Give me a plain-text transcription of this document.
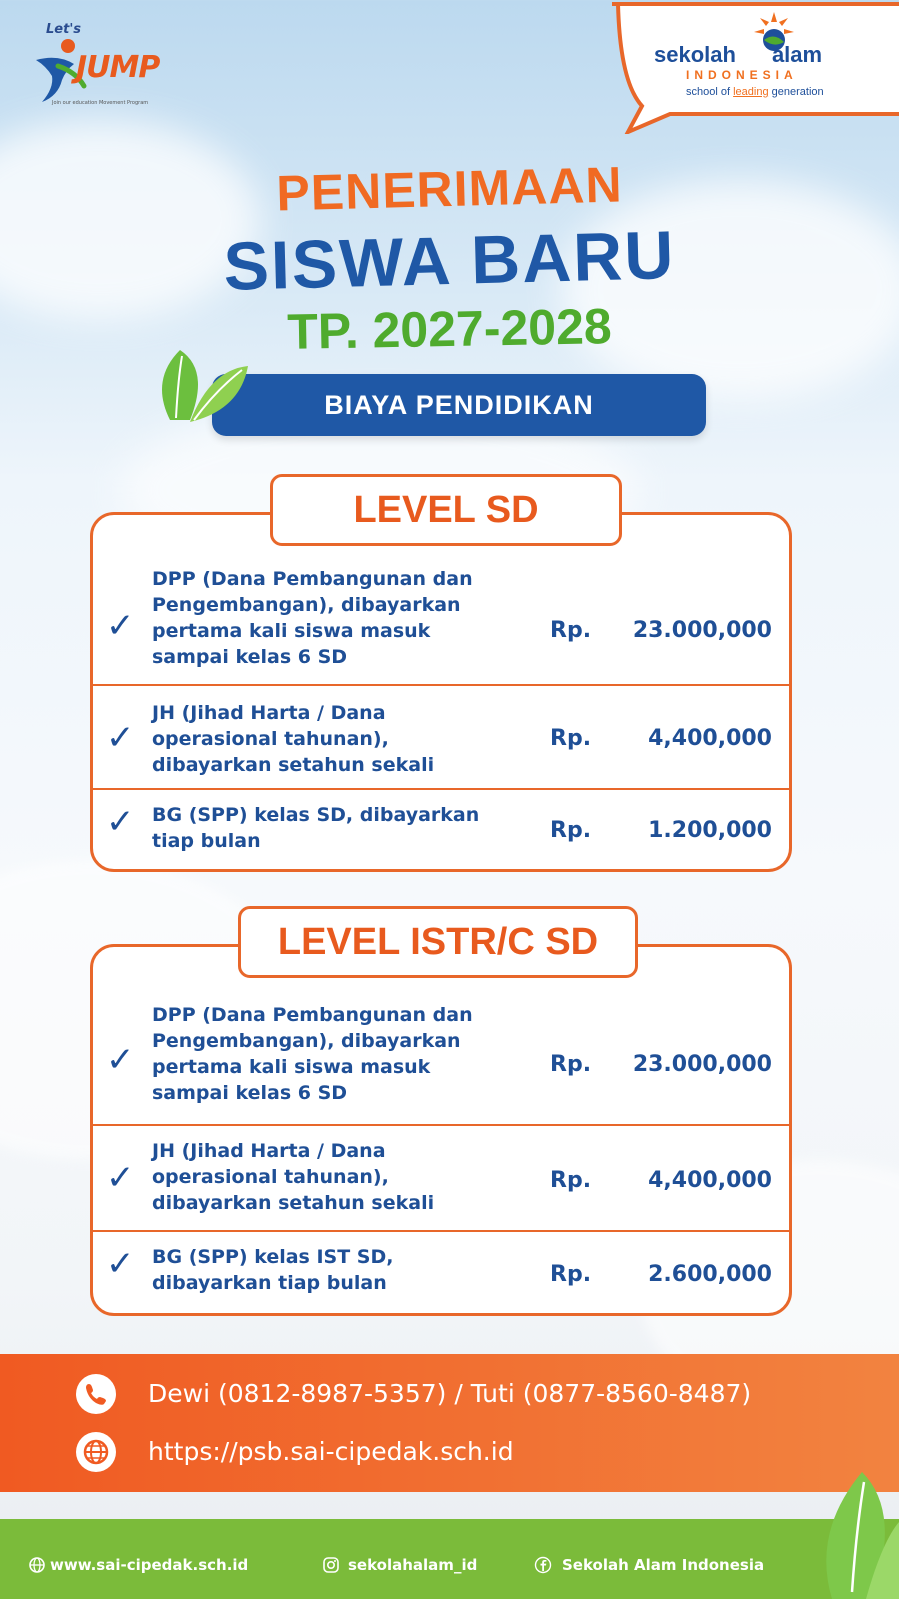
Let's
JUMP
Join our education Movement Program
sekolah alam
INDONESIA
school of leading generation
PENERIMAAN
SISWA BARU
TP. 2027-2028
BIAYA PENDIDIKAN
LEVEL SD
✓
DPP (Dana Pembangunan dan
Pengembangan), dibayarkan
pertama kali siswa masuk
sampai kelas 6 SD
Rp. 23.000,000
✓
JH (Jihad Harta / Dana
operasional tahunan),
dibayarkan setahun sekali
Rp.	4,400,000
✓ BG (SPP) kelas SD, dibayarkan
tiap bulan	Rp.	1.200,000
LEVEL ISTR/C SD
✓
DPP (Dana Pembangunan dan
Pengembangan), dibayarkan
pertama kali siswa masuk
sampai kelas 6 SD
Rp. 23.000,000
✓
JH (Jihad Harta / Dana
operasional tahunan),
dibayarkan setahun sekali
Rp.	4,400,000
✓ BG (SPP) kelas IST SD,
dibayarkan tiap bulan	Rp.	2.600,000
Dewi (0812-8987-5357) / Tuti (0877-8560-8487)
https://psb.sai-cipedak.sch.id
www.sai-cipedak.sch.id	sekolahalam_id	Sekolah Alam Indonesia
